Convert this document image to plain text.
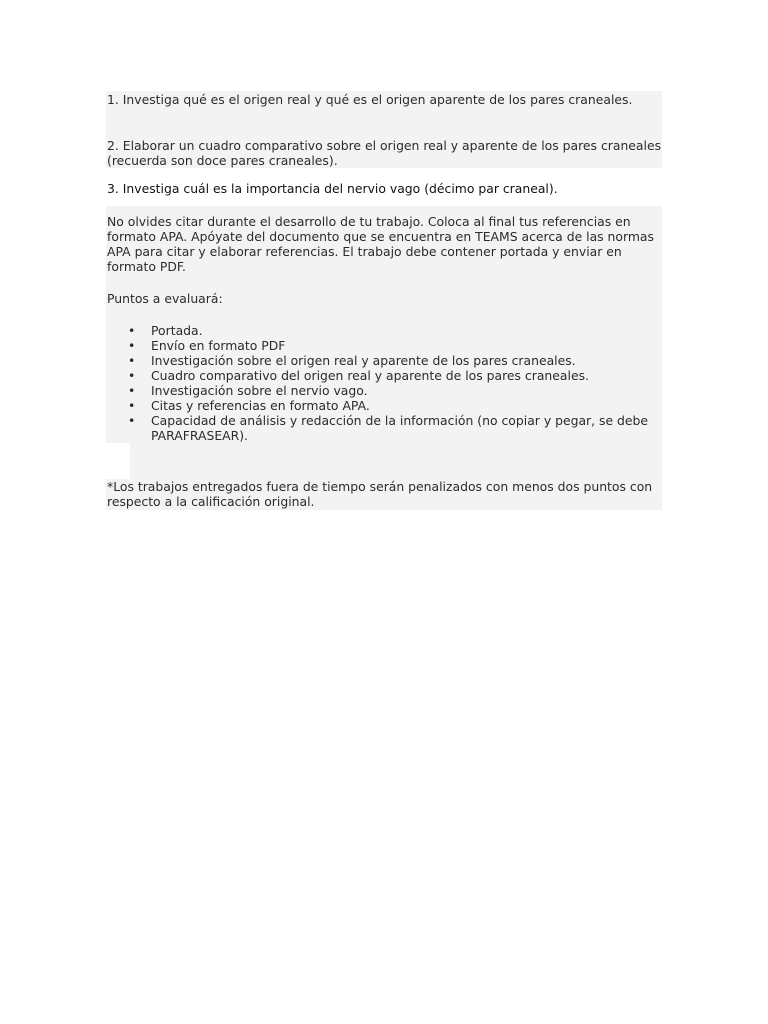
1. Investiga qué es el origen real y qué es el origen aparente de los pares craneales.
2. Elaborar un cuadro comparativo sobre el origen real y aparente de los pares craneales (recuerda son doce pares craneales).
3. Investiga cuál es la importancia del nervio vago (décimo par craneal).
No olvides citar durante el desarrollo de tu trabajo. Coloca al final tus referencias en formato APA. Apóyate del documento que se encuentra en TEAMS acerca de las normas APA para citar y elaborar referencias. El trabajo debe contener portada y enviar en formato PDF.
Puntos a evaluará:
• Portada.
• Envío en formato PDF
• Investigación sobre el origen real y aparente de los pares craneales.
• Cuadro comparativo del origen real y aparente de los pares craneales.
• Investigación sobre el nervio vago.
• Citas y referencias en formato APA.
• Capacidad de análisis y redacción de la información (no copiar y pegar, se debe PARAFRASEAR).
*Los trabajos entregados fuera de tiempo serán penalizados con menos dos puntos con respecto a la calificación original.
